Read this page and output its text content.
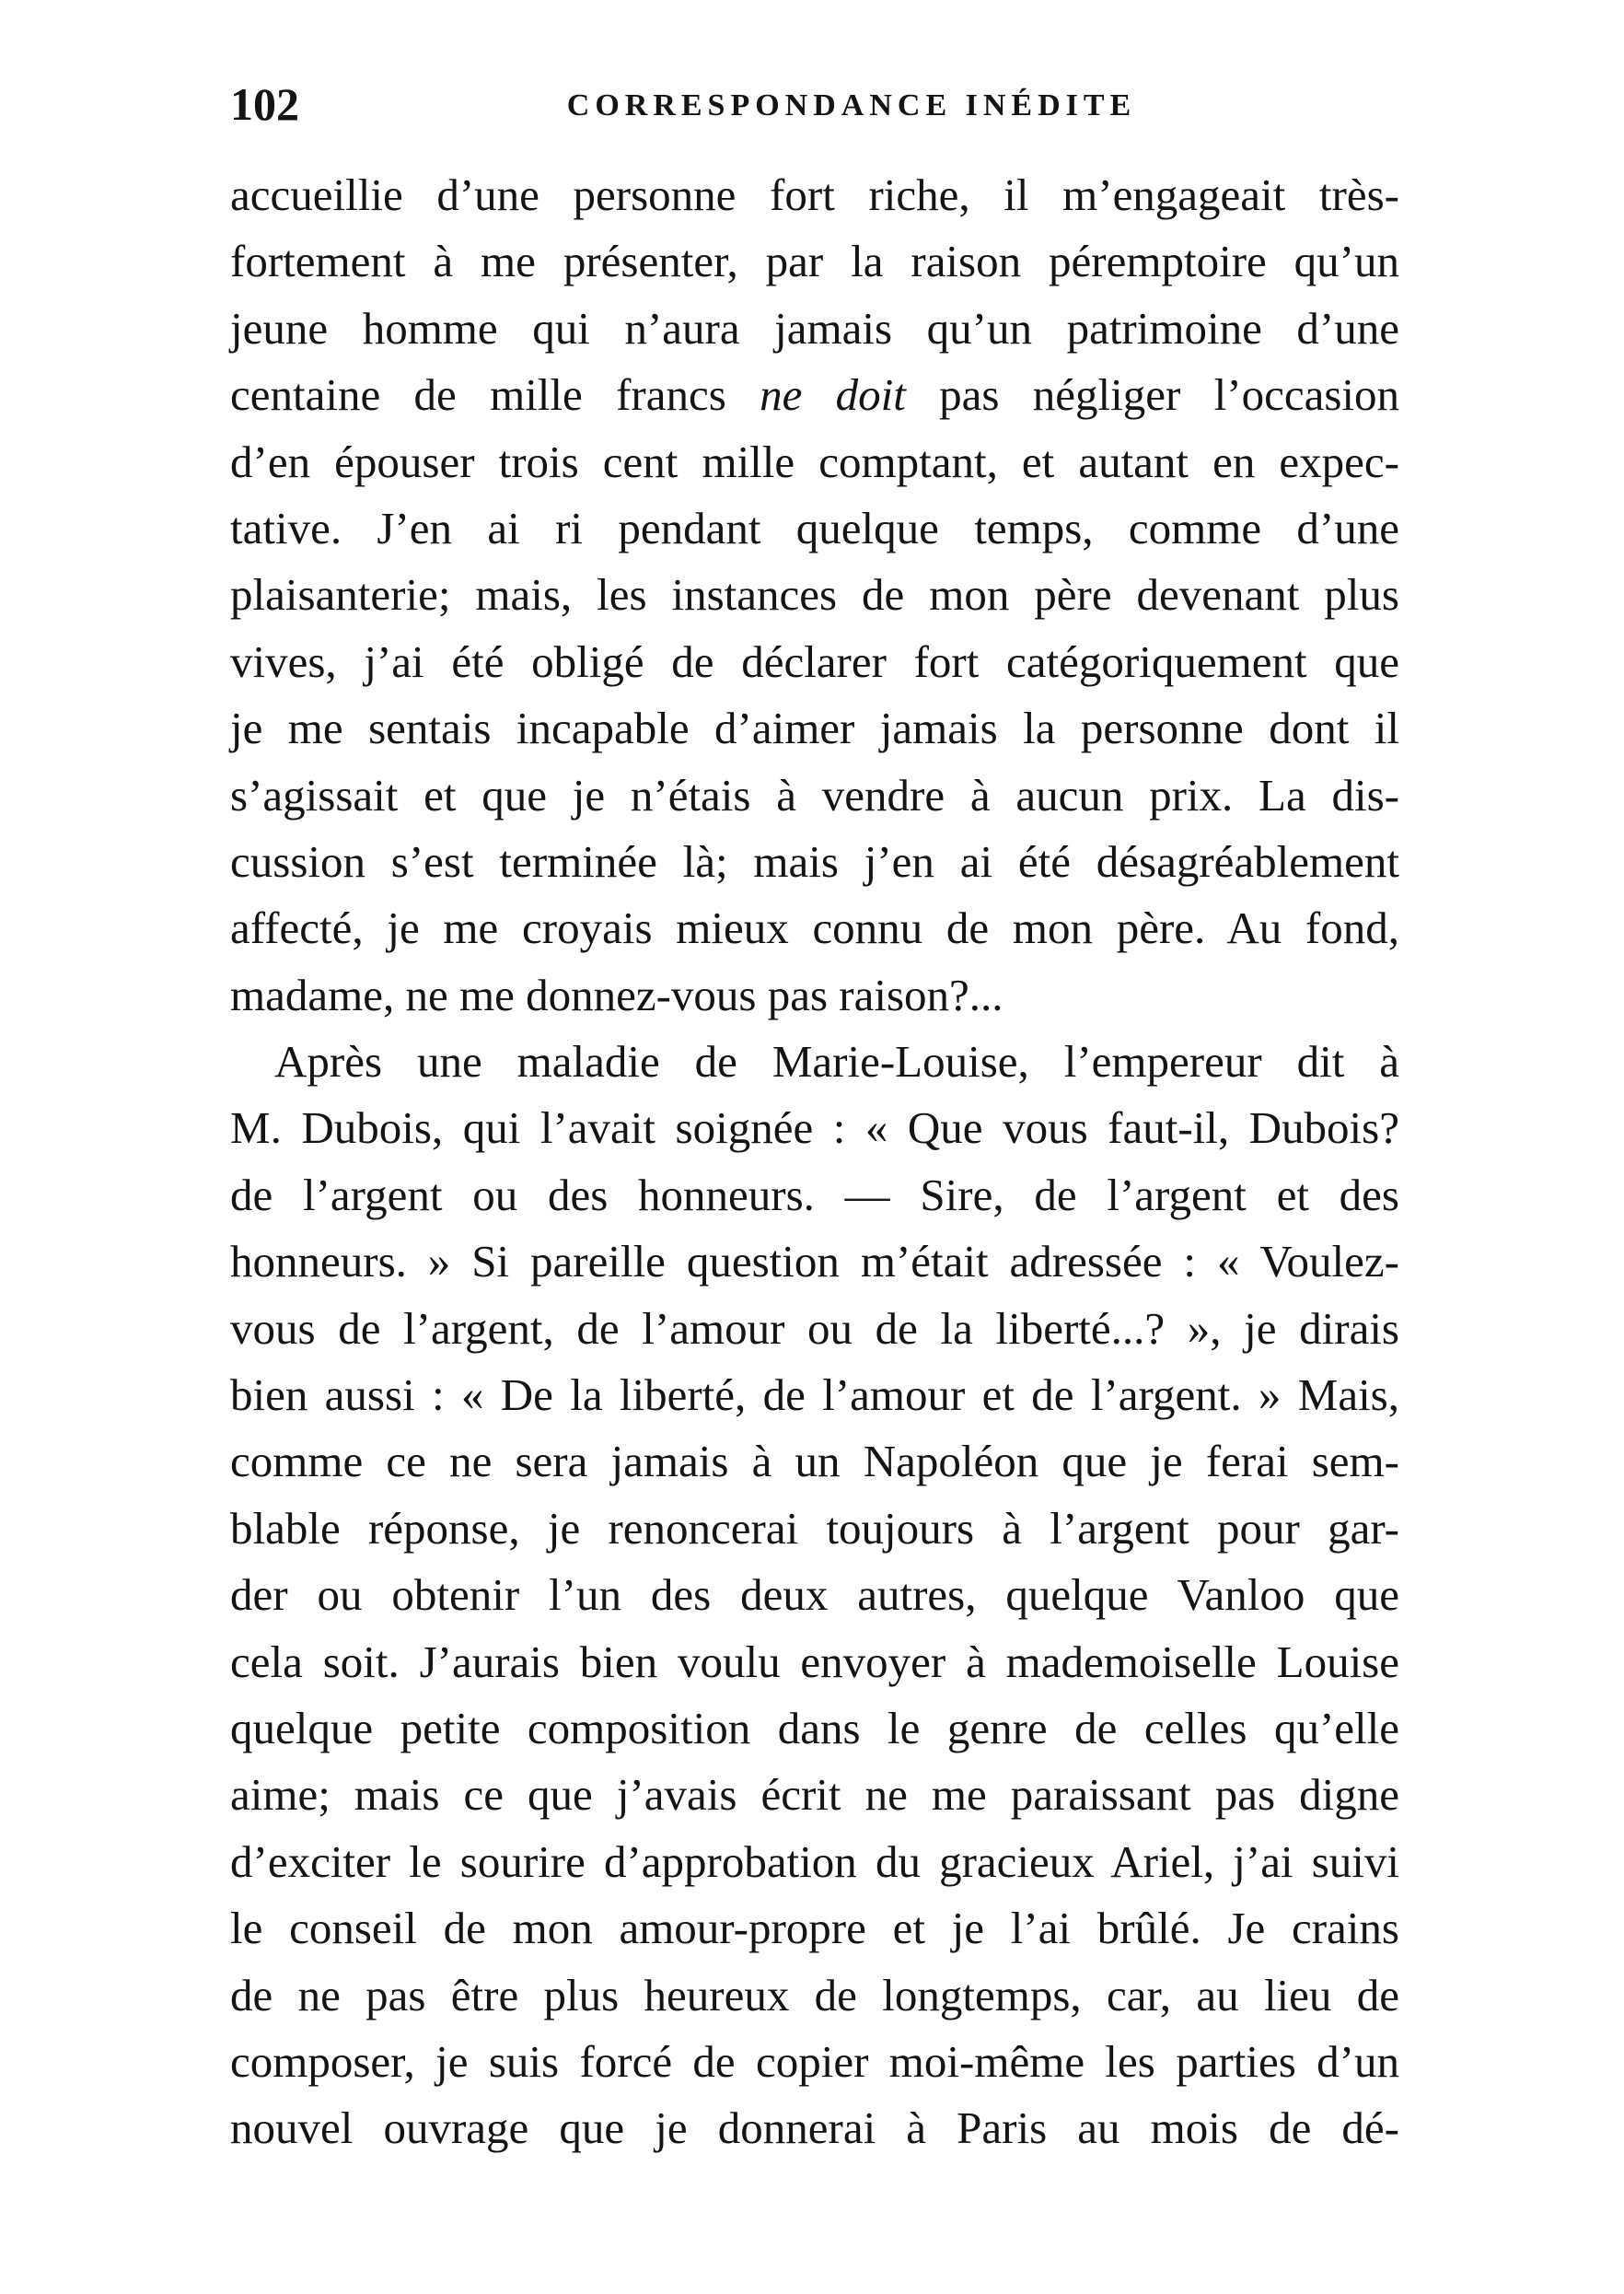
102	CORRESPONDANCE INÉDITE
accueillie d’une personne fort riche, il m’engageait très-
fortement à me présenter, par la raison péremptoire qu’un
jeune homme qui n’aura jamais qu’un patrimoine d’une
centaine de mille francs ne doit pas négliger l’occasion
d’en épouser trois cent mille comptant, et autant en expec-
tative. J’en ai ri pendant quelque temps, comme d’une
plaisanterie; mais, les instances de mon père devenant plus
vives, j’ai été obligé de déclarer fort catégoriquement que
je me sentais incapable d’aimer jamais la personne dont il
s’agissait et que je n’étais à vendre à aucun prix. La dis-
cussion s’est terminée là; mais j’en ai été désagréablement
affecté, je me croyais mieux connu de mon père. Au fond,
madame, ne me donnez-vous pas raison?...
Après une maladie de Marie-Louise, l’empereur dit à
M. Dubois, qui l’avait soignée : « Que vous faut-il, Dubois?
de l’argent ou des honneurs. — Sire, de l’argent et des
honneurs. » Si pareille question m’était adressée : « Voulez-
vous de l’argent, de l’amour ou de la liberté...? », je dirais
bien aussi : « De la liberté, de l’amour et de l’argent. » Mais,
comme ce ne sera jamais à un Napoléon que je ferai sem-
blable réponse, je renoncerai toujours à l’argent pour gar-
der ou obtenir l’un des deux autres, quelque Vanloo que
cela soit. J’aurais bien voulu envoyer à mademoiselle Louise
quelque petite composition dans le genre de celles qu’elle
aime; mais ce que j’avais écrit ne me paraissant pas digne
d’exciter le sourire d’approbation du gracieux Ariel, j’ai suivi
le conseil de mon amour-propre et je l’ai brûlé. Je crains
de ne pas être plus heureux de longtemps, car, au lieu de
composer, je suis forcé de copier moi-même les parties d’un
nouvel ouvrage que je donnerai à Paris au mois de dé-
